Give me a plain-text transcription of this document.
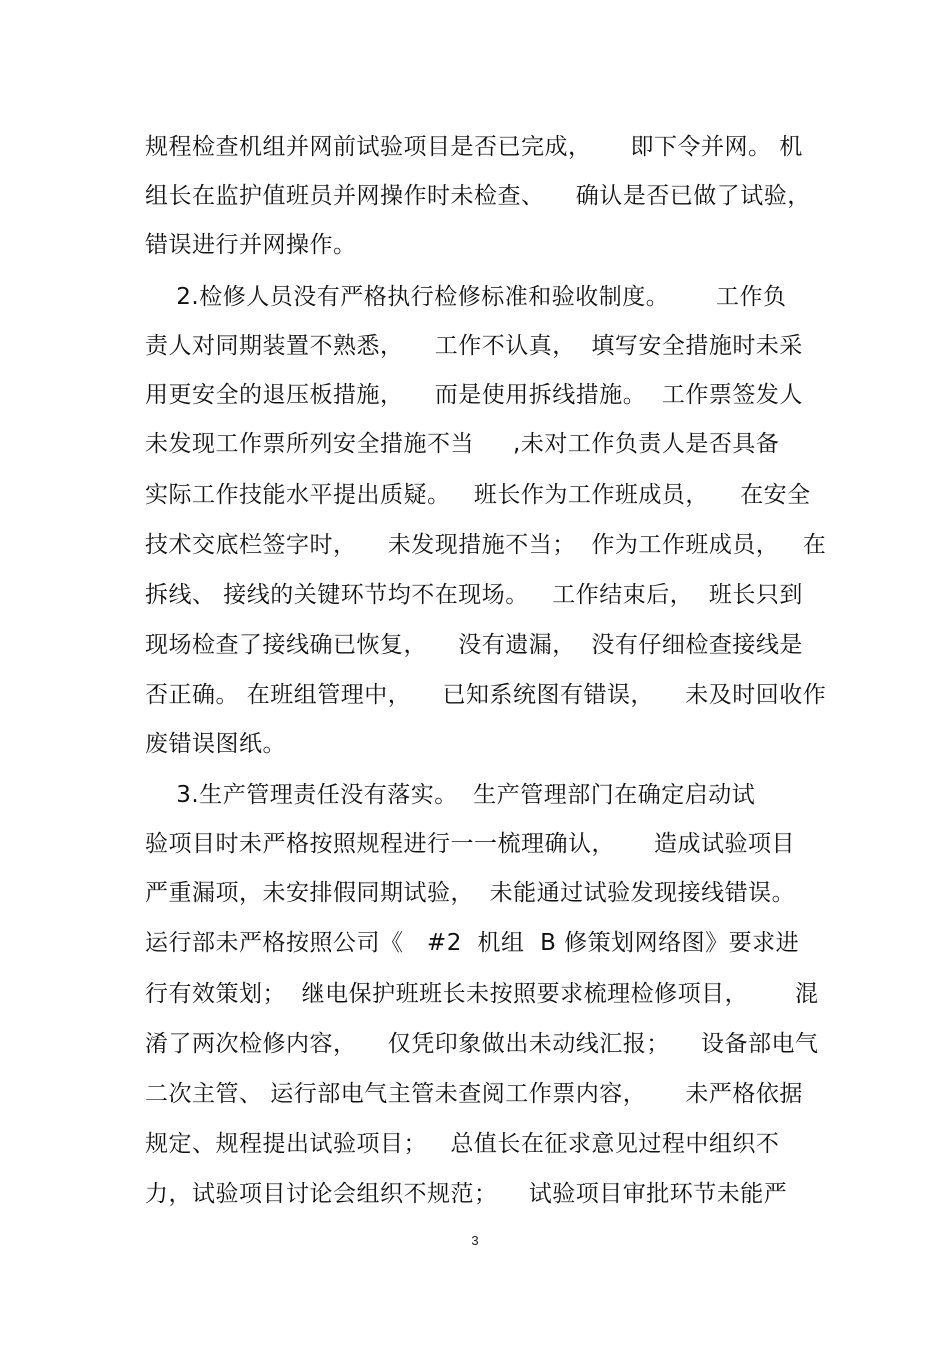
规程检查机组并网前试验项目是否已完成，     即下令并网。 机
组长在监护值班员并网操作时未检查、    确认是否已做了试验，
错误进行并网操作。
2.检修人员没有严格执行检修标准和验收制度。      工作负
责人对同期装置不熟悉，    工作不认真，  填写安全措施时未采
用更安全的退压板措施，    而是使用拆线措施。  工作票签发人
未发现工作票所列安全措施不当     ,未对工作负责人是否具备
实际工作技能水平提出质疑。   班长作为工作班成员，    在安全
技术交底栏签字时，    未发现措施不当；  作为工作班成员，   在
拆线、 接线的关键环节均不在现场。   工作结束后，  班长只到
现场检查了接线确已恢复，    没有遗漏，  没有仔细检查接线是
否正确。 在班组管理中，    已知系统图有错误，    未及时回收作
废错误图纸。
3.生产管理责任没有落实。  生产管理部门在确定启动试
验项目时未严格按照规程进行一一梳理确认，     造成试验项目
严重漏项，未安排假同期试验，  未能通过试验发现接线错误。
运行部未严格按照公司《   #2  机组  B 修策划网络图》要求进
行有效策划；  继电保护班班长未按照要求梳理检修项目，      混
淆了两次检修内容，    仅凭印象做出未动线汇报；    设备部电气
二次主管、 运行部电气主管未查阅工作票内容，     未严格依据
规定、规程提出试验项目；   总值长在征求意见过程中组织不
力，试验项目讨论会组织不规范；    试验项目审批环节未能严
3
